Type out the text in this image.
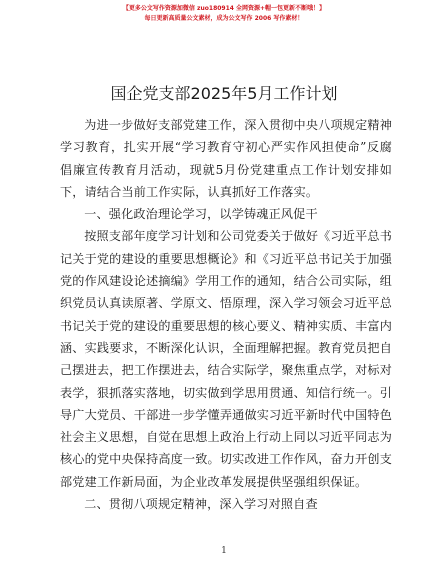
【更多公文写作资源加微信 zuo180914 全网资源+帽一包更新不断哦！】
每日更新高质量公文素材，成为公文写作 2006 写作素材！
国企党支部2025年5月工作计划

为进一步做好支部党建工作，深入贯彻中央八项规定精神学习教育，扎实开展“学习教育守初心严实作风担使命”反腐倡廉宣传教育月活动，现就5月份党建重点工作计划安排如下，请结合当前工作实际，认真抓好工作落实。

一、强化政治理论学习，以学铸魂正风促干

按照支部年度学习计划和公司党委关于做好《习近平总书记关于党的建设的重要思想概论》和《习近平总书记关于加强党的作风建设论述摘编》学用工作的通知，结合公司实际，组织党员认真读原著、学原文、悟原理，深入学习领会习近平总书记关于党的建设的重要思想的核心要义、精神实质、丰富内涵、实践要求，不断深化认识，全面理解把握。教育党员把自己摆进去，把工作摆进去，结合实际学，聚焦重点学，对标对表学，狠抓落实落地，切实做到学思用贯通、知信行统一。引导广大党员、干部进一步学懂弄通做实习近平新时代中国特色社会主义思想，自觉在思想上政治上行动上同以习近平同志为核心的党中央保持高度一致。切实改进工作作风，奋力开创支部党建工作新局面，为企业改革发展提供坚强组织保证。

二、贯彻八项规定精神，深入学习对照自查

1
